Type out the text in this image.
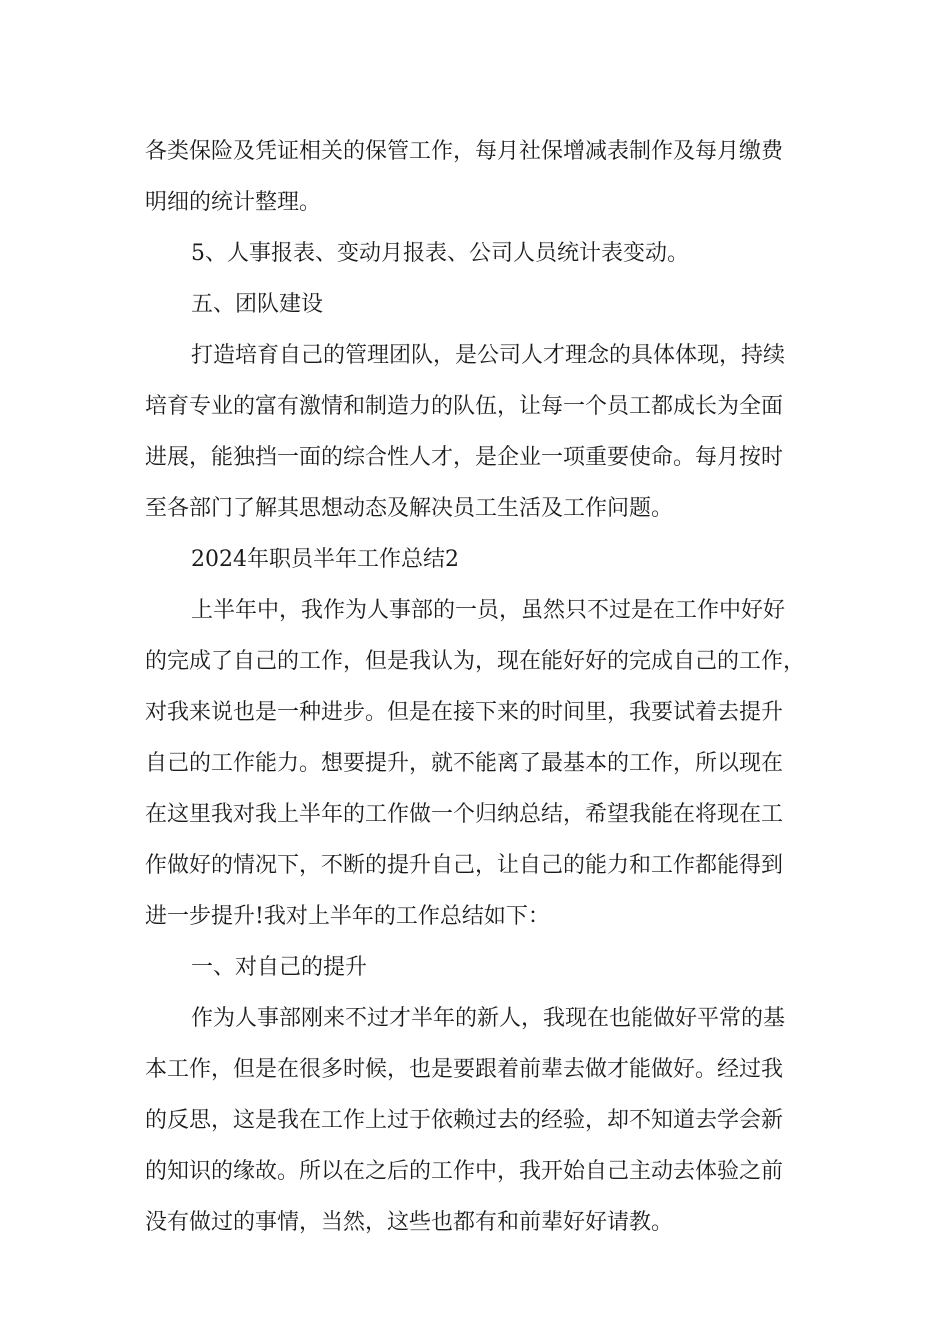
各类保险及凭证相关的保管工作，每月社保增减表制作及每月缴费
明细的统计整理。
5、人事报表、变动月报表、公司人员统计表变动。
五、团队建设
打造培育自己的管理团队，是公司人才理念的具体体现，持续
培育专业的富有激情和制造力的队伍，让每一个员工都成长为全面
进展，能独挡一面的综合性人才，是企业一项重要使命。每月按时
至各部门了解其思想动态及解决员工生活及工作问题。
2024年职员半年工作总结2
上半年中，我作为人事部的一员，虽然只不过是在工作中好好
的完成了自己的工作，但是我认为，现在能好好的完成自己的工作，
对我来说也是一种进步。但是在接下来的时间里，我要试着去提升
自己的工作能力。想要提升，就不能离了最基本的工作，所以现在
在这里我对我上半年的工作做一个归纳总结，希望我能在将现在工
作做好的情况下，不断的提升自己，让自己的能力和工作都能得到
进一步提升!我对上半年的工作总结如下：
一、对自己的提升
作为人事部刚来不过才半年的新人，我现在也能做好平常的基
本工作，但是在很多时候，也是要跟着前辈去做才能做好。经过我
的反思，这是我在工作上过于依赖过去的经验，却不知道去学会新
的知识的缘故。所以在之后的工作中，我开始自己主动去体验之前
没有做过的事情，当然，这些也都有和前辈好好请教。
